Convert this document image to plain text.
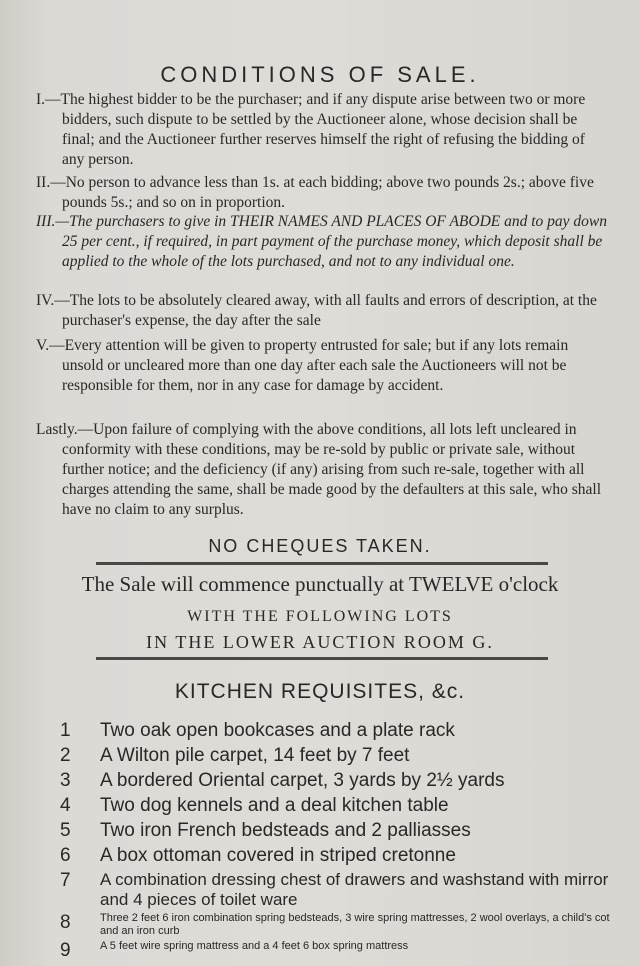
CONDITIONS OF SALE.

I.—The highest bidder to be the purchaser; and if any dispute arise between two or more bidders, such dispute to be settled by the Auctioneer alone, whose decision shall be final; and the Auctioneer further reserves himself the right of refusing the bidding of any person.

II.—No person to advance less than 1s. at each bidding; above two pounds 2s.; above five pounds 5s.; and so on in proportion.

III.—The purchasers to give in THEIR NAMES AND PLACES OF ABODE and to pay down 25 per cent., if required, in part payment of the purchase money, which deposit shall be applied to the whole of the lots purchased, and not to any individual one.

IV.—The lots to be absolutely cleared away, with all faults and errors of description, at the purchaser's expense, the day after the sale

V.—Every attention will be given to property entrusted for sale; but if any lots remain unsold or uncleared more than one day after each sale the Auctioneers will not be responsible for them, nor in any case for damage by accident.

Lastly.—Upon failure of complying with the above conditions, all lots left uncleared in conformity with these conditions, may be re-sold by public or private sale, without further notice; and the deficiency (if any) arising from such re-sale, together with all charges attending the same, shall be made good by the defaulters at this sale, who shall have no claim to any surplus.

NO CHEQUES TAKEN.
The Sale will commence punctually at TWELVE o'clock
WITH THE FOLLOWING LOTS
IN THE LOWER AUCTION ROOM G.
KITCHEN REQUISITES, &c.
1	Two oak open bookcases and a plate rack
2	A Wilton pile carpet, 14 feet by 7 feet
3	A bordered Oriental carpet, 3 yards by 2½ yards
4	Two dog kennels and a deal kitchen table
5	Two iron French bedsteads and 2 palliasses
6	A box ottoman covered in striped cretonne
7	A combination dressing chest of drawers and washstand with mirror and 4 pieces of toilet ware
8	Three 2 feet 6 iron combination spring bedsteads, 3 wire spring mattresses, 2 wool overlays, a child's cot and an iron curb
9	A 5 feet wire spring mattress and a 4 feet 6 box spring mattress
